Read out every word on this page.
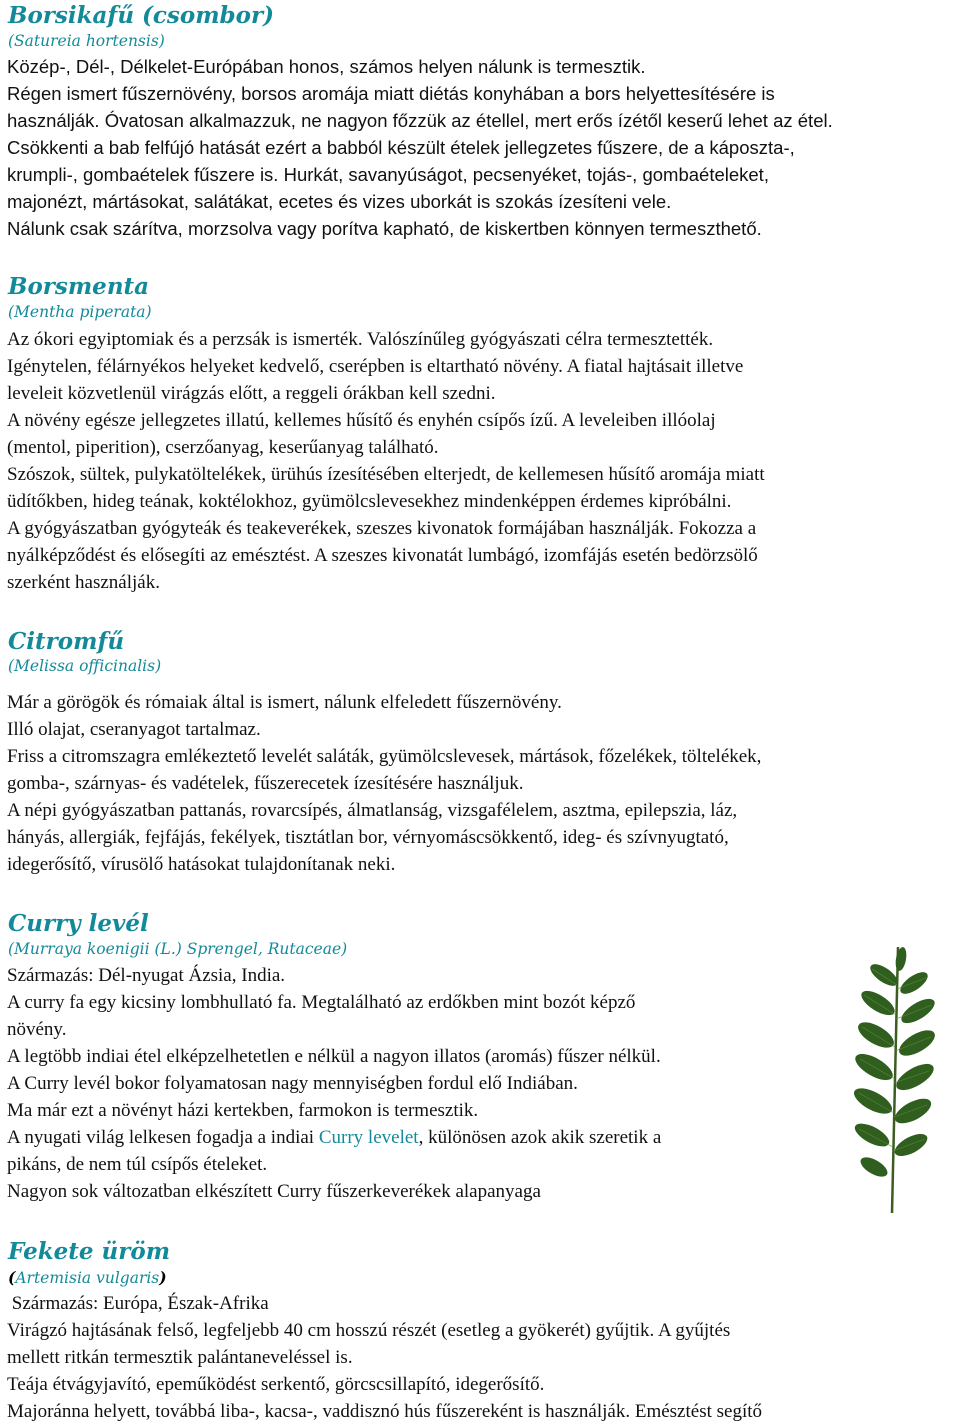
Borsikafű (csombor)
(Satureia hortensis)
Közép-, Dél-, Délkelet-Európában honos, számos helyen nálunk is termesztik.
Régen ismert fűszernövény, borsos aromája miatt diétás konyhában a bors helyettesítésére is
használják. Óvatosan alkalmazzuk, ne nagyon főzzük az étellel, mert erős ízétől keserű lehet az étel.
Csökkenti a bab felfújó hatását ezért a babból készült ételek jellegzetes fűszere, de a káposzta-,
krumpli-, gombaételek fűszere is. Hurkát, savanyúságot, pecsenyéket, tojás-, gombaételeket,
majonézt, mártásokat, salátákat, ecetes és vizes uborkát is szokás ízesíteni vele.
Nálunk csak szárítva, morzsolva vagy porítva kapható, de kiskertben könnyen termeszthető.
Borsmenta
(Mentha piperata)
Az ókori egyiptomiak és a perzsák is ismerték. Valószínűleg gyógyászati célra termesztették.
Igénytelen, félárnyékos helyeket kedvelő, cserépben is eltartható növény. A fiatal hajtásait illetve
leveleit közvetlenül virágzás előtt, a reggeli órákban kell szedni.
A növény egésze jellegzetes illatú, kellemes hűsítő és enyhén csípős ízű. A leveleiben illóolaj
(mentol, piperition), cserzőanyag, keserűanyag található.
Szószok, sültek, pulykatöltelékek, ürühús ízesítésében elterjedt, de kellemesen hűsítő aromája miatt
üdítőkben, hideg teának, koktélokhoz, gyümölcslevesekhez mindenképpen érdemes kipróbálni.
A gyógyászatban gyógyteák és teakeverékek, szeszes kivonatok formájában használják. Fokozza a
nyálképződést és elősegíti az emésztést. A szeszes kivonatát lumbágó, izomfájás esetén bedörzsölő
szerként használják.
Citromfű
(Melissa officinalis)
Már a görögök és rómaiak által is ismert, nálunk elfeledett fűszernövény.
Illó olajat, cseranyagot tartalmaz.
Friss a citromszagra emlékeztető levelét saláták, gyümölcslevesek, mártások, főzelékek, töltelékek,
gomba-, szárnyas- és vadételek, fűszerecetek ízesítésére használjuk.
A népi gyógyászatban pattanás, rovarcsípés, álmatlanság, vizsgafélelem, asztma, epilepszia, láz,
hányás, allergiák, fejfájás, fekélyek, tisztátlan bor, vérnyomáscsökkentő, ideg- és szívnyugtató,
idegerősítő, vírusölő hatásokat tulajdonítanak neki.
Curry levél
(Murraya koenigii (L.) Sprengel, Rutaceae)
Származás: Dél-nyugat Ázsia, India.
A curry fa egy kicsiny lombhullató fa. Megtalálható az erdőkben mint bozót képző
növény.
A legtöbb indiai étel elképzelhetetlen e nélkül a nagyon illatos (aromás) fűszer nélkül.
A Curry levél bokor folyamatosan nagy mennyiségben fordul elő Indiában.
Ma már ezt a növényt házi kertekben, farmokon is termesztik.
A nyugati világ lelkesen fogadja a indiai Curry levelet, különösen azok akik szeretik a
pikáns, de nem túl csípős ételeket.
Nagyon sok változatban elkészített Curry fűszerkeverékek alapanyaga
Fekete üröm
(Artemisia vulgaris)
Származás: Európa, Észak-Afrika
Virágzó hajtásának felső, legfeljebb 40 cm hosszú részét (esetleg a gyökerét) gyűjtik. A gyűjtés
mellett ritkán termesztik palántaneveléssel is.
Teája étvágyjavító, epeműködést serkentő, görcscsillapító, idegerősítő.
Majoránna helyett, továbbá liba-, kacsa-, vaddisznó hús fűszereként is használják. Emésztést segítő
